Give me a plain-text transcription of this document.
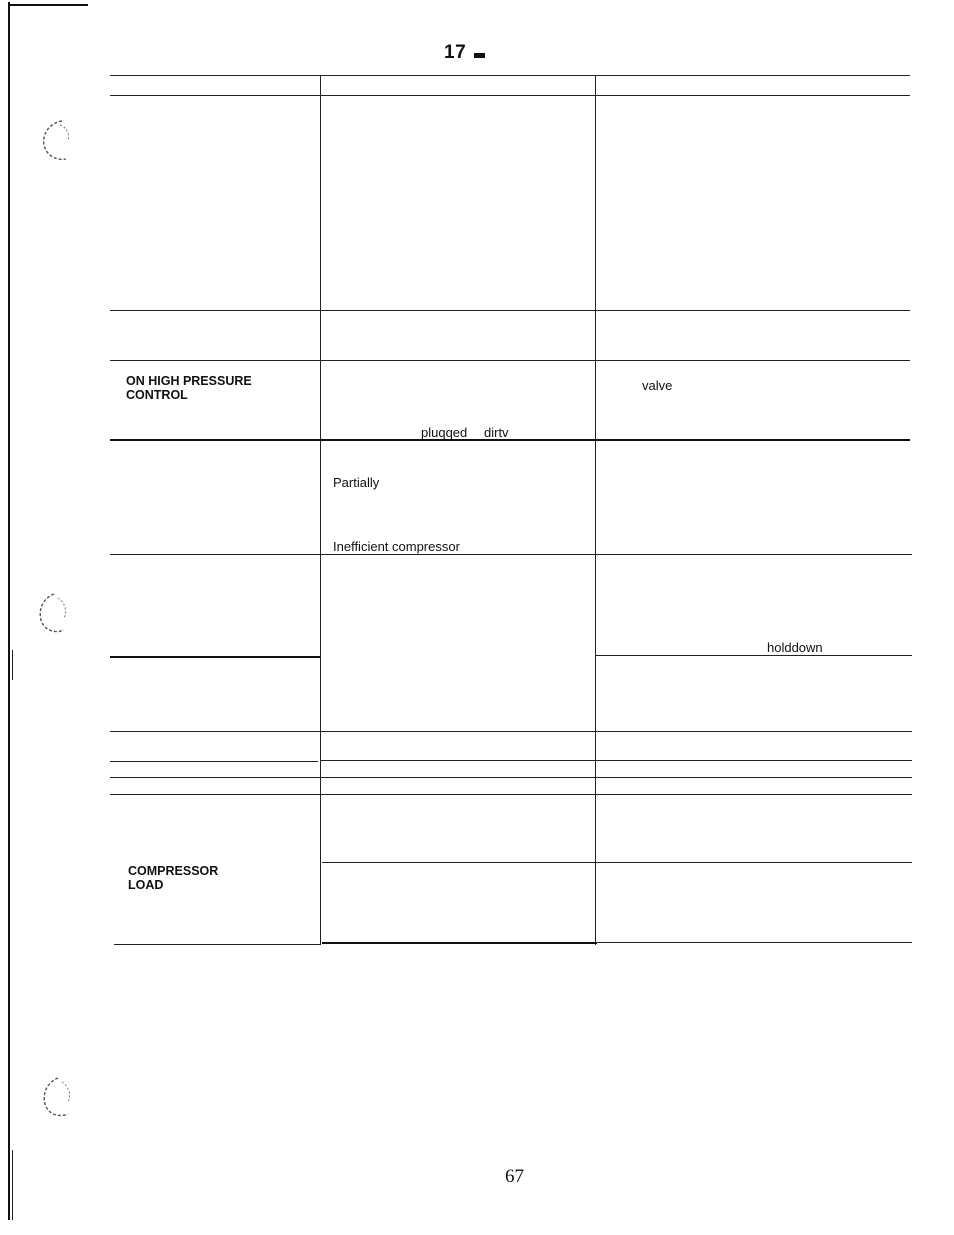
17
ON HIGH PRESSURE
CONTROL
COMPRESSOR
LOAD
pluqqed dirtv
Partially
Inefficient compressor
valve
holddown
67
